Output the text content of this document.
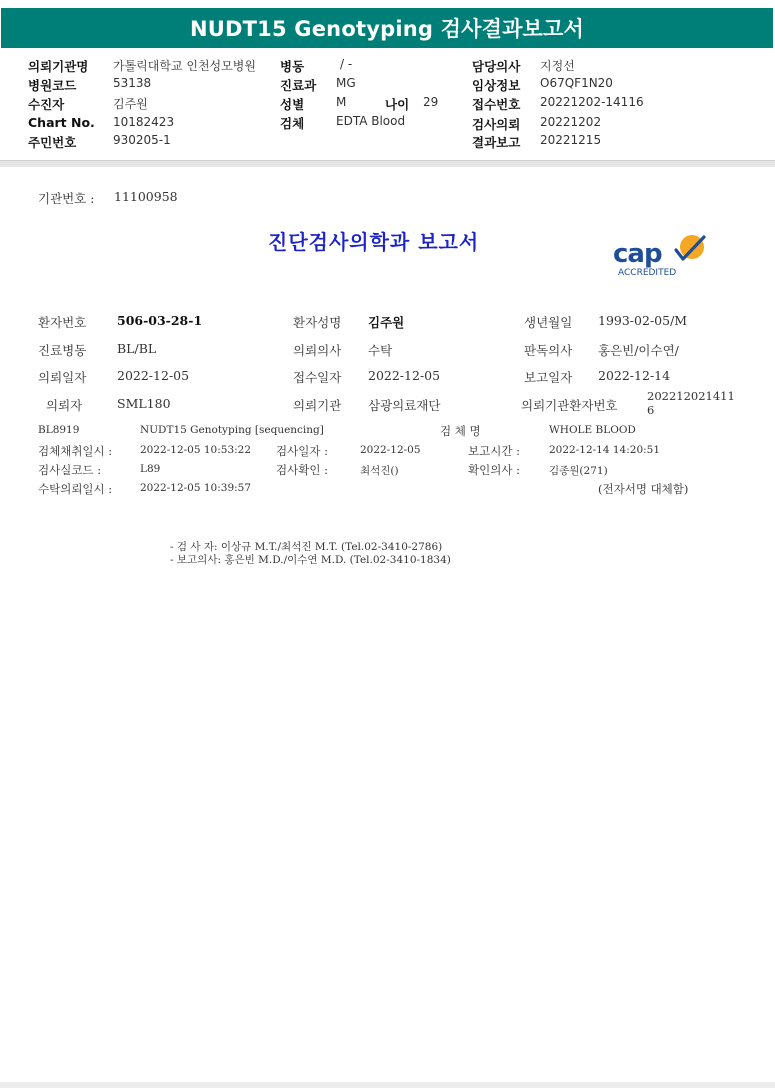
NUDT15 Genotyping 검사결과보고서
의뢰기관명 가톨릭대학교 인천성모병원
병원코드	53138
수진자	김주원
Chart No. 10182423
주민번호	930205-1
병동	/ -
진료과 MG
성별	M	나이 29
검체	EDTA Blood
담당의사 지정선
임상정보 O67QF1N20
접수번호 20221202-14116
검사의뢰 20221202
결과보고 20221215
기관번호 : 11100958
진단검사의학과 보고서	cap
ACCREDITED
환자번호 506-03-28-1	환자성명 김주원	생년월일 1993-02-05/M
진료병동 BL/BL	의뢰의사 수탁	판독의사 홍은빈/이수연/
의뢰일자 2022-12-05	접수일자 2022-12-05	보고일자 2022-12-14
의뢰자	SML180	의뢰기관 삼광의료재단	의뢰기관환자번호
202212021411
6
BL8919	NUDT15 Genotyping [sequencing]	검 체 명	WHOLE BLOOD
검체채취일시 :	2022-12-05 10:53:22 검사일자 :	2022-12-05	보고시간 :	2022-12-14 14:20:51
검사실코드 :	L89	검사확인 :	최석진()	확인의사 :	김종원(271)
수탁의뢰일시 :	2022-12-05 10:39:57	(전자서명 대체함)
- 검 사 자: 이상규 M.T./최석진 M.T. (Tel.02-3410-2786)
- 보고의사: 홍은빈 M.D./이수연 M.D. (Tel.02-3410-1834)
